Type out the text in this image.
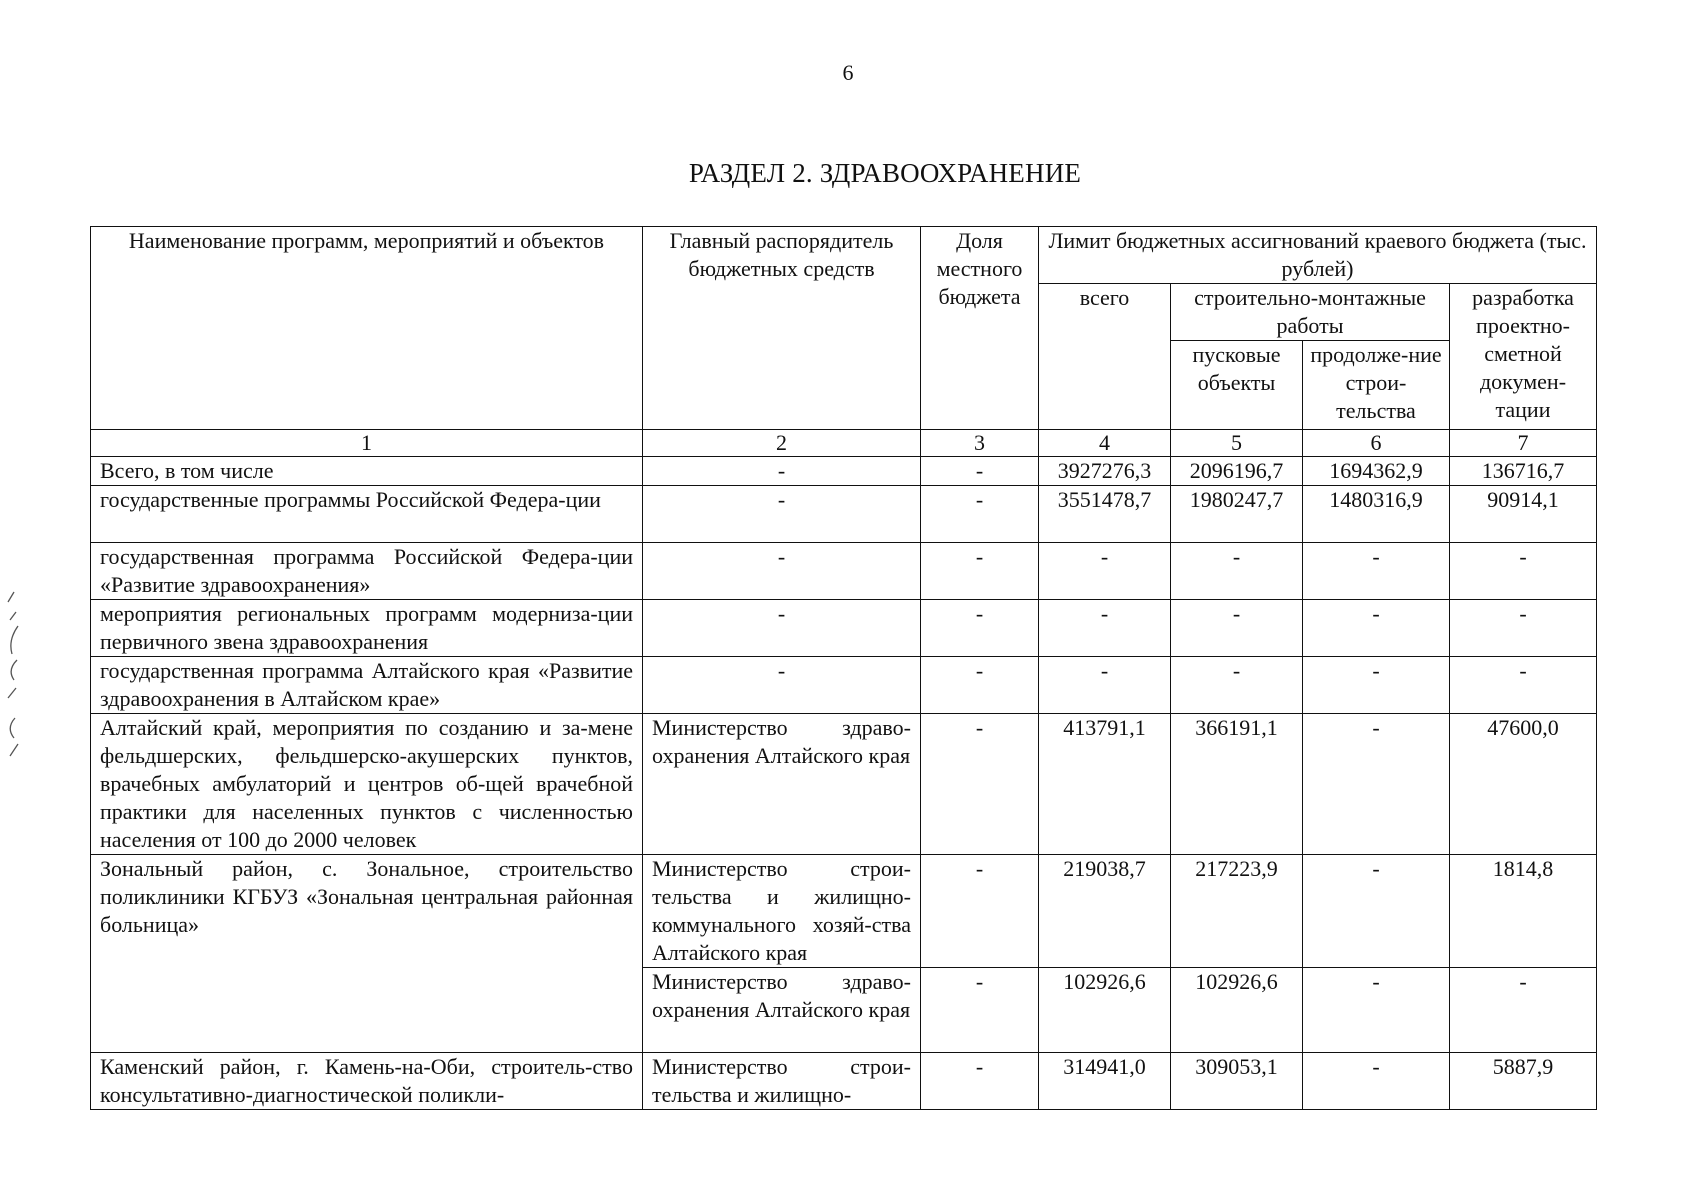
6
РАЗДЕЛ 2. ЗДРАВООХРАНЕНИЕ
Наименование программ, мероприятий и объектов	Главный распорядитель бюджетных средств	Доля местного бюджета	Лимит бюджетных ассигнований краевого бюджета (тыс. рублей)			
			всего	строительно-монтажные работы		разработка проектно-сметной докумен-тации
				пусковые объекты	продолже-ние строи-тельства	
1	2	3	4	5	6	7
Всего, в том числе	-	-	3927276,3	2096196,7	1694362,9	136716,7
государственные программы Российской Федера-ции	-	-	3551478,7	1980247,7	1480316,9	90914,1
государственная программа Российской Федера-ции «Развитие здравоохранения»	-	-	-	-	-	-
мероприятия региональных программ модерниза-ции первичного звена здравоохранения	-	-	-	-	-	-
государственная программа Алтайского края «Развитие здравоохранения в Алтайском крае»	-	-	-	-	-	-
Алтайский край, мероприятия по созданию и за-мене фельдшерских, фельдшерско-акушерских пунктов, врачебных амбулаторий и центров об-щей врачебной практики для населенных пунктов с численностью населения от 100 до 2000 человек	Министерство здраво-охранения Алтайского края	-	413791,1	366191,1	-	47600,0
Зональный район, с. Зональное, строительство поликлиники КГБУЗ «Зональная центральная районная больница»	Министерство строи-тельства и жилищно-коммунального хозяй-ства Алтайского края	-	219038,7	217223,9	-	1814,8
	Министерство здраво-охранения Алтайского края	-	102926,6	102926,6	-	-
Каменский район, г. Камень-на-Оби, строитель-ство консультативно-диагностической поликли-	Министерство строи-тельства и жилищно-	-	314941,0	309053,1	-	5887,9
